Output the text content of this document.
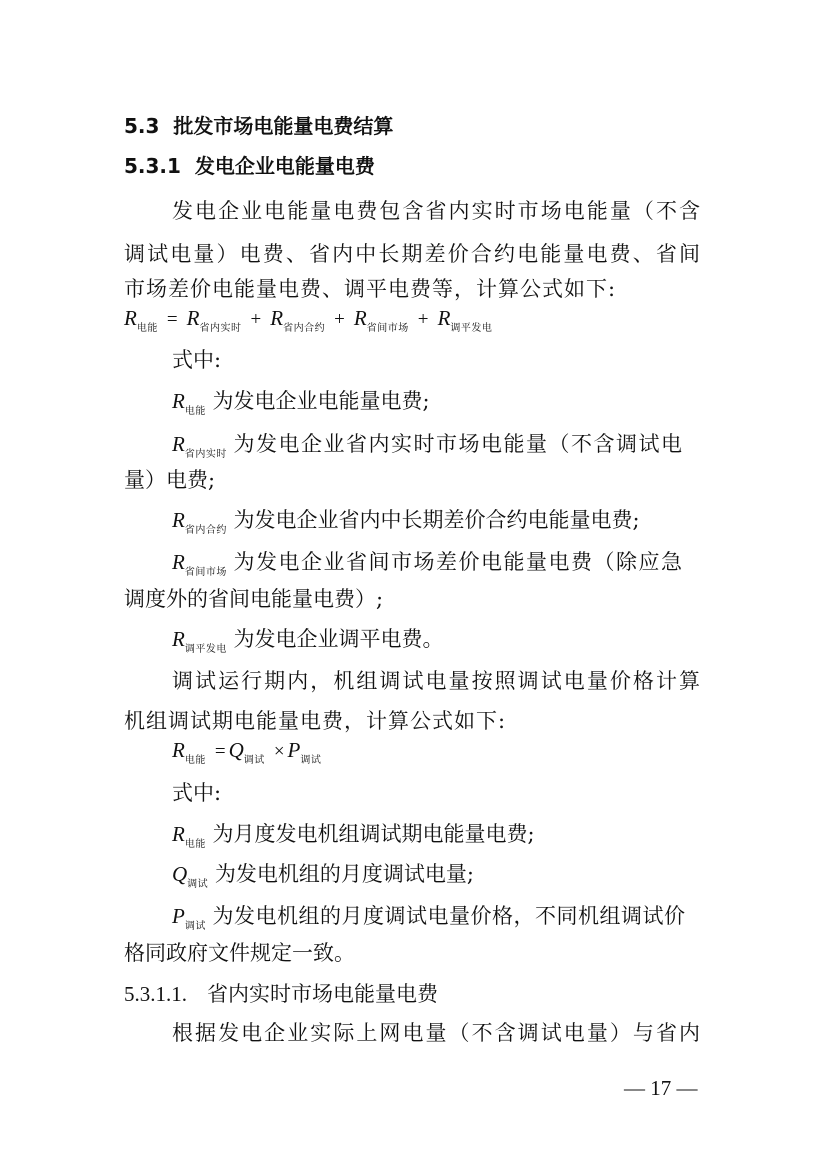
5.3 批发市场电能量电费结算
5.3.1 发电企业电能量电费
发电企业电能量电费包含省内实时市场电能量（不含
调试电量）电费、省内中长期差价合约电能量电费、省间
市场差价电能量电费、调平电费等，计算公式如下:
$R_{电能} = R_{省内实时} + R_{省内合约} + R_{省间市场} + R_{调平发电}$
式中:
$R_{电能}$ 为发电企业电能量电费;
$R_{省内实时}$ 为发电企业省内实时市场电能量（不含调试电
量）电费;
$R_{省内合约}$ 为发电企业省内中长期差价合约电能量电费;
$R_{省间市场}$ 为发电企业省间市场差价电能量电费（除应急
调度外的省间电能量电费）;
$R_{调平发电}$ 为发电企业调平电费。
调试运行期内，机组调试电量按照调试电量价格计算
机组调试期电能量电费，计算公式如下:
$R_{电能} = Q_{调试} \times P_{调试}$
式中:
$R_{电能}$ 为月度发电机组调试期电能量电费;
$Q_{调试}$ 为发电机组的月度调试电量;
$P_{调试}$ 为发电机组的月度调试电量价格，不同机组调试价
格同政府文件规定一致。
5.3.1.1. 省内实时市场电能量电费
根据发电企业实际上网电量（不含调试电量）与省内
— 17 —
